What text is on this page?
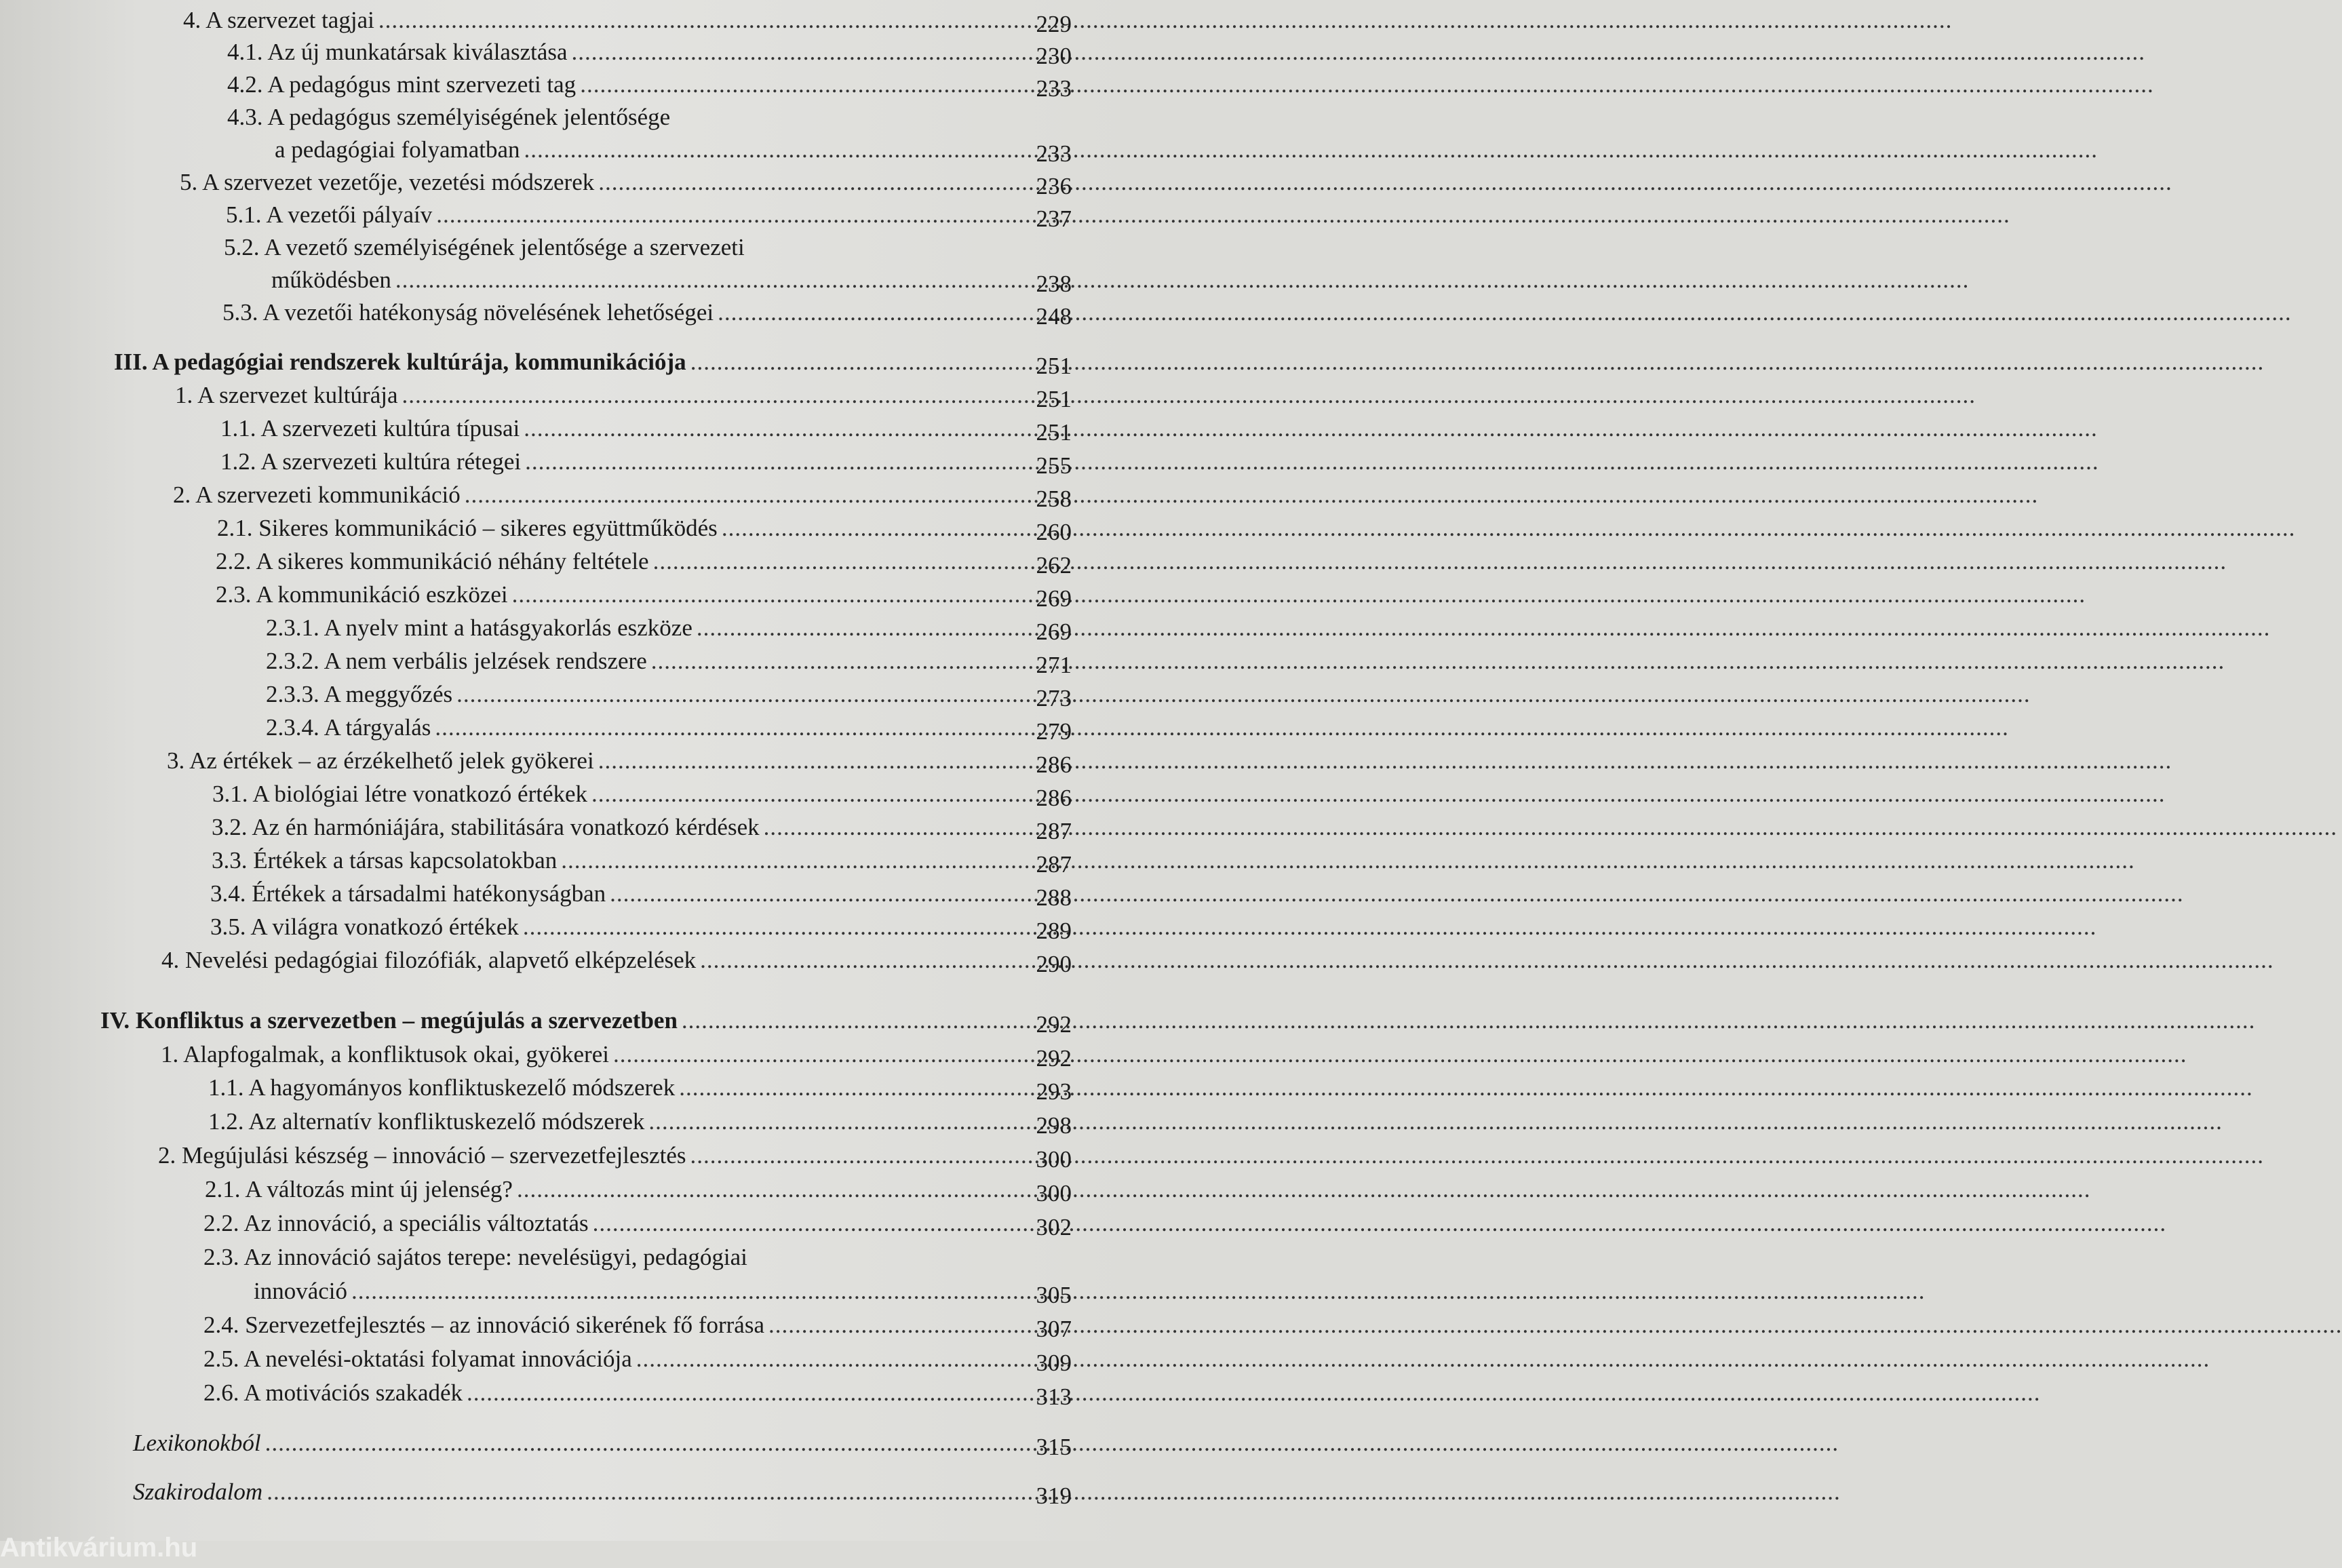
Antikvárium.hu
4. A szervezet tagjai .....	229
4.1. Az új munkatársak kiválasztása .....	230
4.2. A pedagógus mint szervezeti tag .....	233
4.3. A pedagógus személyiségének jelentősége
a pedagógiai folyamatban .....	233
5. A szervezet vezetője, vezetési módszerek .....	236
5.1. A vezetői pályaív .....	237
5.2. A vezető személyiségének jelentősége a szervezeti
működésben .....	238
5.3. A vezetői hatékonyság növelésének lehetőségei .....	248
III. A pedagógiai rendszerek kultúrája, kommunikációja .....	251
1. A szervezet kultúrája .....	251
1.1. A szervezeti kultúra típusai .....	251
1.2. A szervezeti kultúra rétegei .....	255
2. A szervezeti kommunikáció .....	258
2.1. Sikeres kommunikáció – sikeres együttműködés .....	260
2.2. A sikeres kommunikáció néhány feltétele .....	262
2.3. A kommunikáció eszközei .....	269
2.3.1. A nyelv mint a hatásgyakorlás eszköze .....	269
2.3.2. A nem verbális jelzések rendszere .....	271
2.3.3. A meggyőzés .....	273
2.3.4. A tárgyalás .....	279
3. Az értékek – az érzékelhető jelek gyökerei .....	286
3.1. A biológiai létre vonatkozó értékek .....	286
3.2. Az én harmóniájára, stabilitására vonatkozó kérdések .....	287
3.3. Értékek a társas kapcsolatokban .....	287
3.4. Értékek a társadalmi hatékonyságban .....	288
3.5. A világra vonatkozó értékek .....	289
4. Nevelési pedagógiai filozófiák, alapvető elképzelések .....	290
IV. Konfliktus a szervezetben – megújulás a szervezetben .....	292
1. Alapfogalmak, a konfliktusok okai, gyökerei .....	292
1.1. A hagyományos konfliktuskezelő módszerek .....	293
1.2. Az alternatív konfliktuskezelő módszerek .....	298
2. Megújulási készség – innováció – szervezetfejlesztés .....	300
2.1. A változás mint új jelenség? .....	300
2.2. Az innováció, a speciális változtatás .....	302
2.3. Az innováció sajátos terepe: nevelésügyi, pedagógiai
innováció .....	305
2.4. Szervezetfejlesztés – az innováció sikerének fő forrása .....	307
2.5. A nevelési-oktatási folyamat innovációja .....	309
2.6. A motivációs szakadék .....	313
Lexikonokból .....	315
Szakirodalom .....	319
